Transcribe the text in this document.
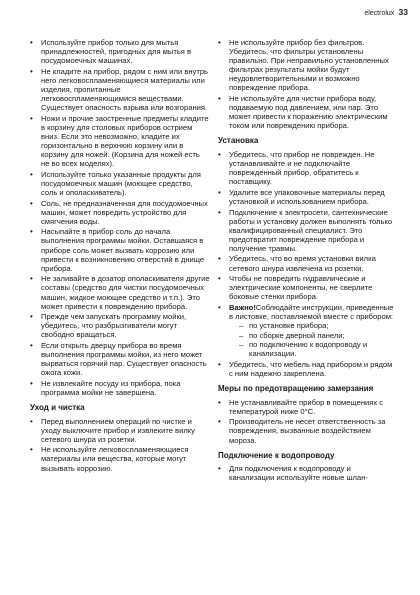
electrolux 33
• Используйте прибор только для мытья принадлежностей, пригодных для мытья в посудомоечных машинах.
• Не кладите на прибор, рядом с ним или внутрь него легковоспламеняющиеся материалы или изделия, пропитанные легковоспламеняющимися веществами. Существует опасность взрыва или возгорания.
• Ножи и прочие заостренные предметы кладите в корзину для столовых приборов острием вниз. Если это невозможно, кладите их горизонтально в верхнюю корзину или в корзину для ножей. (Корзина для ножей есть не во всех моделях).
• Используйте только указанные продукты для посудомоечных машин (моющее средство, соль и ополаскиватель).
• Соль, не предназначенная для посудомоечных машин, может повредить устройство для смягчения воды.
• Насыпайте в прибор соль до начала выполнения программы мойки. Оставшаяся в приборе соль может вызвать коррозию или привести к возникновению отверстий в днище прибора.
• Не заливайте в дозатор ополаскивателя другие составы (средство для чистки посудомоечных машин, жидкое моющее средство и т.п.). Это может привести к повреждению прибора.
• Прежде чем запускать программу мойки, убедитесь, что разбрызгиватели могут свободно вращаться.
• Если открыть дверцу прибора во время выполнения программы мойки, из него может вырваться горячий пар. Существует опасность ожога кожи.
• Не извлекайте посуду из прибора, пока программа мойки не завершена.
Уход и чистка
• Перед выполнением операций по чистке и уходу выключите прибор и извлеките вилку сетевого шнура из розетки.
• Не используйте легковоспламеняющиеся материалы или вещества, которые могут вызывать коррозию.
• Не используйте прибор без фильтров. Убедитесь, что фильтры установлены правильно. При неправильно установленных фильтрах результаты мойки будут неудовлетворительными и возможно повреждение прибора.
• Не используйте для чистки прибора воду, подаваемую под давлением, или пар. Это может привести к поражению электрическим током или повреждению прибора.
Установка
• Убедитесь, что прибор не поврежден. Не устанавливайте и не подключайте поврежденный прибор, обратитесь к поставщику.
• Удалите все упаковочные материалы перед установкой и использованием прибора.
• Подключение к электросети, сантехнические работы и установку должен выполнять только квалифицированный специалист. Это предотвратит повреждение прибора и получение травмы.
• Убедитесь, что во время установки вилка сетевого шнура извлечена из розетки.
• Чтобы не повредить гидравлические и электрические компоненты, не сверлите боковые стенки прибора.
• Важно!Соблюдайте инструкции, приведенные в листовке, поставляемой вместе с прибором:
– по установке прибора;
– по сборке дверной панели;
– по подключению к водопроводу и канализации.
• Убедитесь, что мебель над прибором и рядом с ним надежно закреплена.
Меры по предотвращению замерзания
• Не устанавливайте прибор в помещениях с температурой ниже 0°C.
• Производитель не несет ответственность за повреждения, вызванные воздействием мороза.
Подключение к водопроводу
• Для подключения к водопроводу и канализации используйте новые шлан-
